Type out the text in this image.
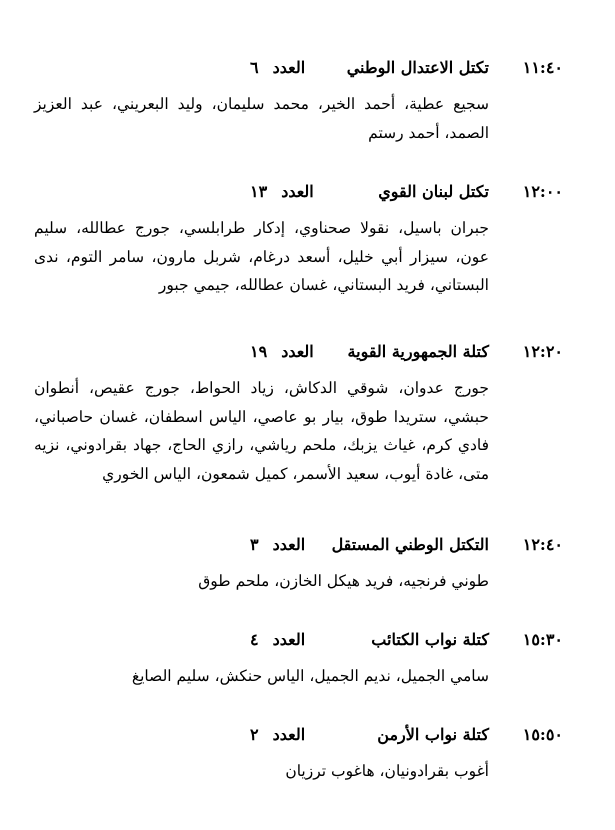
١١:٤٠
تكتل الاعتدال الوطني
العدد٦
سجيع عطية، أحمد الخير، محمد سليمان، وليد البعريني، عبد العزيز الصمد، أحمد رستم
١٢:٠٠
تكتل لبنان القوي
العدد١٣
جبران باسيل، نقولا صحناوي، إدكار طرابلسي، جورج عطالله، سليم عون، سيزار أبي خليل، أسعد درغام، شربل مارون، سامر التوم، ندى البستاني، فريد البستاني، غسان عطالله، جيمي جبور
١٢:٢٠
كتلة الجمهورية القوية
العدد١٩
جورج عدوان، شوقي الدكاش، زياد الحواط، جورج عقيص، أنطوان حبشي، ستريدا طوق، بيار بو عاصي، الياس اسطفان، غسان حاصباني، فادي كرم، غياث يزبك، ملحم رياشي، رازي الحاج، جهاد بقرادوني، نزيه متى، غادة أيوب، سعيد الأسمر، كميل شمعون، الياس الخوري
١٢:٤٠
التكتل الوطني المستقل
العدد٣
طوني فرنجيه، فريد هيكل الخازن، ملحم طوق
١٥:٣٠
كتلة نواب الكتائب
العدد٤
سامي الجميل، نديم الجميل، الياس حنكش، سليم الصايغ
١٥:٥٠
كتلة نواب الأرمن
العدد٢
أغوب بقرادونيان، هاغوب ترزيان
